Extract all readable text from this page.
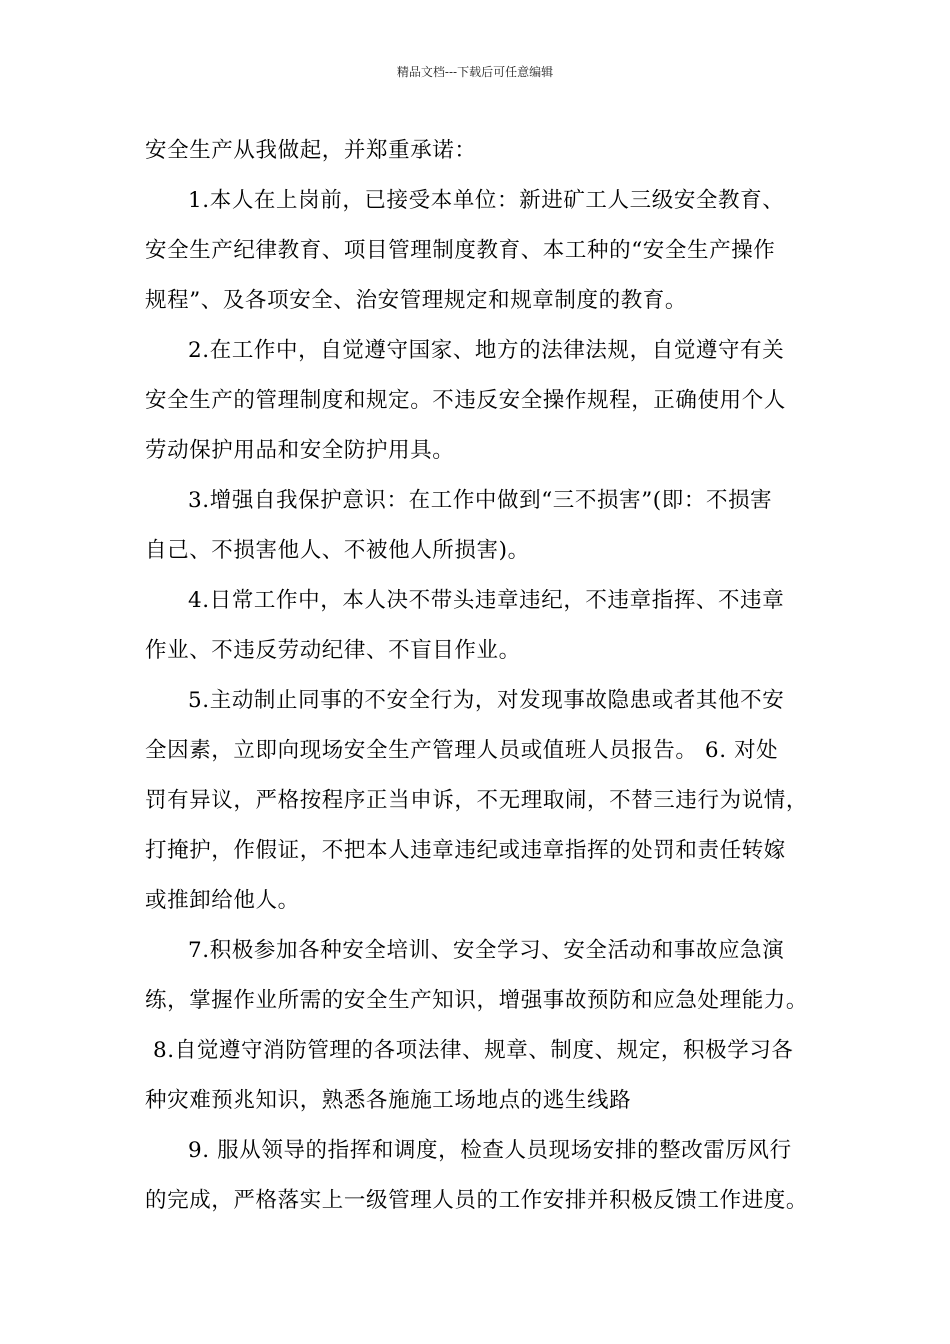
精品文档---下载后可任意编辑
安全生产从我做起，并郑重承诺：
1.本人在上岗前，已接受本单位：新进矿工人三级安全教育、
安全生产纪律教育、项目管理制度教育、本工种的“安全生产操作
规程”、及各项安全、治安管理规定和规章制度的教育。
2.在工作中，自觉遵守国家、地方的法律法规，自觉遵守有关
安全生产的管理制度和规定。不违反安全操作规程，正确使用个人
劳动保护用品和安全防护用具。
3.增强自我保护意识：在工作中做到“三不损害”(即：不损害
自己、不损害他人、不被他人所损害)。
4.日常工作中，本人决不带头违章违纪，不违章指挥、不违章
作业、不违反劳动纪律、不盲目作业。
5.主动制止同事的不安全行为，对发现事故隐患或者其他不安
全因素，立即向现场安全生产管理人员或值班人员报告。 6. 对处
罚有异议，严格按程序正当申诉，不无理取闹，不替三违行为说情，
打掩护，作假证，不把本人违章违纪或违章指挥的处罚和责任转嫁
或推卸给他人。
7.积极参加各种安全培训、安全学习、安全活动和事故应急演
练，掌握作业所需的安全生产知识，增强事故预防和应急处理能力。
8.自觉遵守消防管理的各项法律、规章、制度、规定，积极学习各
种灾难预兆知识，熟悉各施施工场地点的逃生线路
9. 服从领导的指挥和调度，检查人员现场安排的整改雷厉风行
的完成，严格落实上一级管理人员的工作安排并积极反馈工作进度。
